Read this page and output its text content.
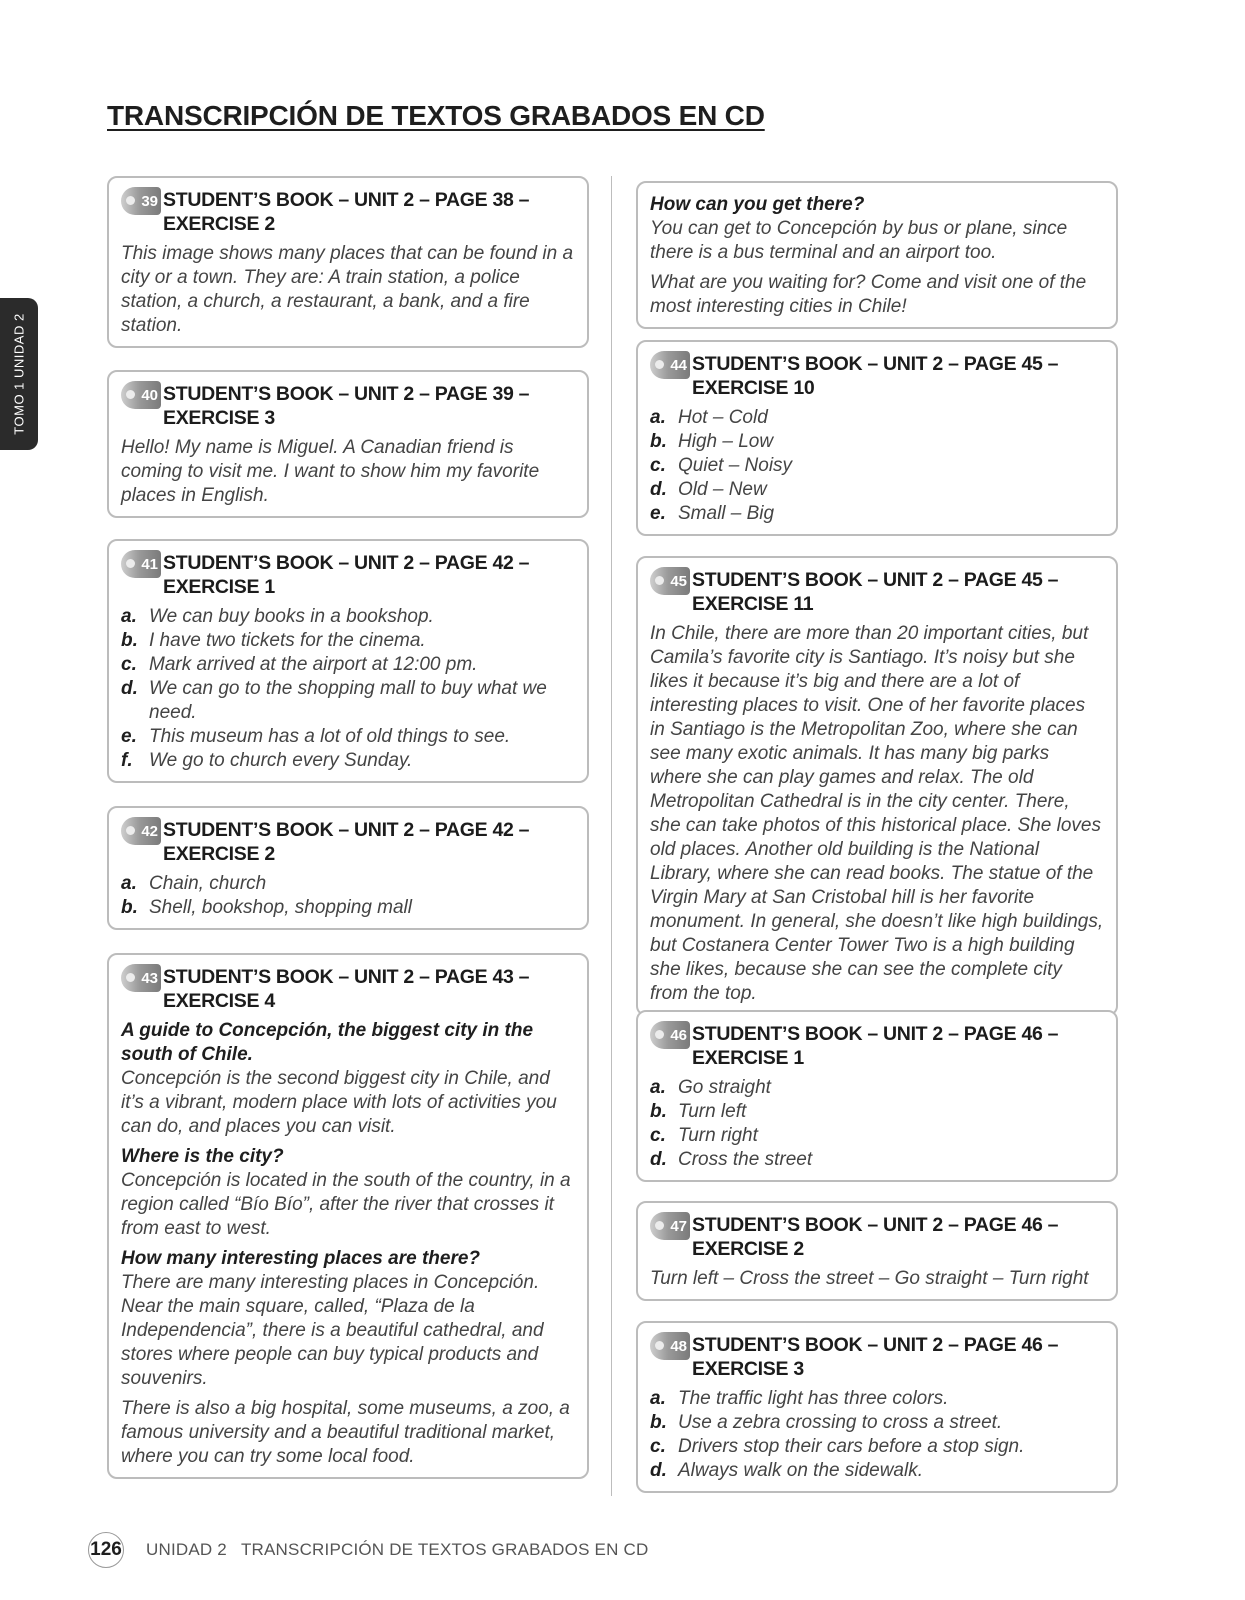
TRANSCRIPCIÓN DE TEXTOS GRABADOS EN CD
TOMO 1 UNIDAD 2
39 STUDENT’S BOOK – UNIT 2 – PAGE 38 – EXERCISE 2

This image shows many places that can be found in a city or a town. They are: A train station, a police station, a church, a restaurant, a bank, and a fire station.

40 STUDENT’S BOOK – UNIT 2 – PAGE 39 – EXERCISE 3

Hello! My name is Miguel. A Canadian friend is coming to visit me. I want to show him my favorite places in English.

41 STUDENT’S BOOK – UNIT 2 – PAGE 42 – EXERCISE 1
a. We can buy books in a bookshop.
b. I have two tickets for the cinema.
c. Mark arrived at the airport at 12:00 pm.
d. We can go to the shopping mall to buy what we need.
e. This museum has a lot of old things to see.
f. We go to church every Sunday.
42 STUDENT’S BOOK – UNIT 2 – PAGE 42 – EXERCISE 2
a. Chain, church
b. Shell, bookshop, shopping mall
43 STUDENT’S BOOK – UNIT 2 – PAGE 43 – EXERCISE 4

A guide to Concepción, the biggest city in the south of Chile.

Concepción is the second biggest city in Chile, and it’s a vibrant, modern place with lots of activities you can do, and places you can visit.

Where is the city?

Concepción is located in the south of the country, in a region called “Bío Bío”, after the river that crosses it from east to west.

How many interesting places are there?

There are many interesting places in Concepción. Near the main square, called, “Plaza de la Independencia”, there is a beautiful cathedral, and stores where people can buy typical products and souvenirs.

There is also a big hospital, some museums, a zoo, a famous university and a beautiful traditional market, where you can try some local food.

How can you get there?

You can get to Concepción by bus or plane, since there is a bus terminal and an airport too.

What are you waiting for? Come and visit one of the most interesting cities in Chile!

44 STUDENT’S BOOK – UNIT 2 – PAGE 45 – EXERCISE 10
a. Hot – Cold
b. High – Low
c. Quiet – Noisy
d. Old – New
e. Small – Big
45 STUDENT’S BOOK – UNIT 2 – PAGE 45 – EXERCISE 11

In Chile, there are more than 20 important cities, but Camila’s favorite city is Santiago. It’s noisy but she likes it because it’s big and there are a lot of interesting places to visit. One of her favorite places in Santiago is the Metropolitan Zoo, where she can see many exotic animals. It has many big parks where she can play games and relax. The old Metropolitan Cathedral is in the city center. There, she can take photos of this historical place. She loves old places. Another old building is the National Library, where she can read books. The statue of the Virgin Mary at San Cristobal hill is her favorite monument. In general, she doesn’t like high buildings, but Costanera Center Tower Two is a high building she likes, because she can see the complete city from the top.

46 STUDENT’S BOOK – UNIT 2 – PAGE 46 – EXERCISE 1
a. Go straight
b. Turn left
c. Turn right
d. Cross the street
47 STUDENT’S BOOK – UNIT 2 – PAGE 46 – EXERCISE 2

Turn left – Cross the street – Go straight – Turn right

48 STUDENT’S BOOK – UNIT 2 – PAGE 46 – EXERCISE 3
a. The traffic light has three colors.
b. Use a zebra crossing to cross a street.
c. Drivers stop their cars before a stop sign.
d. Always walk on the sidewalk.
126 UNIDAD 2 TRANSCRIPCIÓN DE TEXTOS GRABADOS EN CD
